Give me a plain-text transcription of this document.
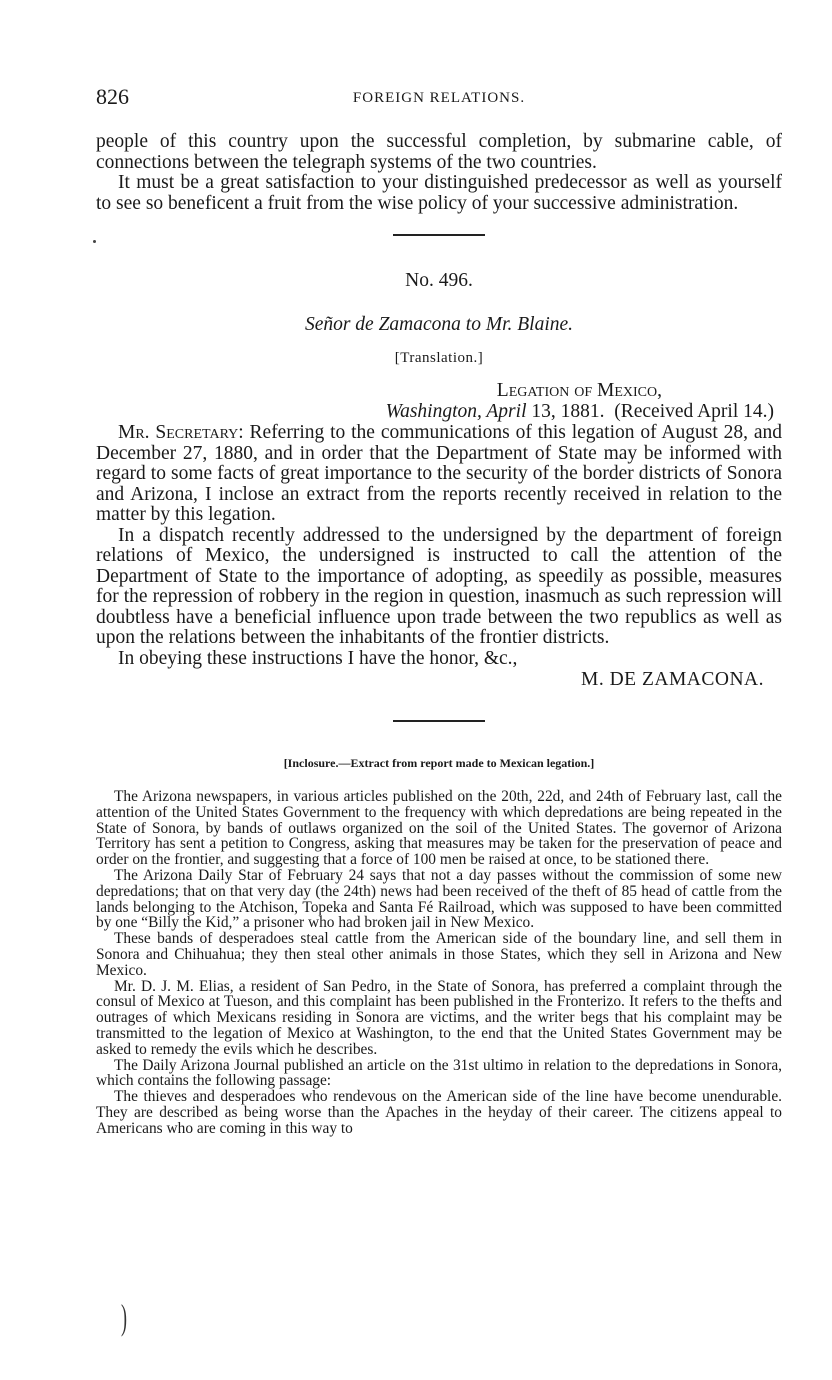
826	FOREIGN RELATIONS.

people of this country upon the successful completion, by submarine cable, of connections between the telegraph systems of the two countries.

It must be a great satisfaction to your distinguished predecessor as well as yourself to see so beneficent a fruit from the wise policy of your successive administration.

No. 496.
Señor de Zamacona to Mr. Blaine.
[Translation.]
Legation of Mexico,
Washington, April 13, 1881. (Received April 14.)

Mr. Secretary: Referring to the communications of this legation of August 28, and December 27, 1880, and in order that the Department of State may be informed with regard to some facts of great importance to the security of the border districts of Sonora and Arizona, I inclose an extract from the reports recently received in relation to the matter by this legation.

In a dispatch recently addressed to the undersigned by the department of foreign relations of Mexico, the undersigned is instructed to call the attention of the Department of State to the importance of adopting, as speedily as possible, measures for the repression of robbery in the region in question, inasmuch as such repression will doubtless have a beneficial influence upon trade between the two republics as well as upon the relations between the inhabitants of the frontier districts.

In obeying these instructions I have the honor, &c.,

M. DE ZAMACONA.
[Inclosure.—Extract from report made to Mexican legation.]

The Arizona newspapers, in various articles published on the 20th, 22d, and 24th of February last, call the attention of the United States Government to the frequency with which depredations are being repeated in the State of Sonora, by bands of outlaws organized on the soil of the United States. The governor of Arizona Territory has sent a petition to Congress, asking that measures may be taken for the preservation of peace and order on the frontier, and suggesting that a force of 100 men be raised at once, to be stationed there.

The Arizona Daily Star of February 24 says that not a day passes without the commission of some new depredations; that on that very day (the 24th) news had been received of the theft of 85 head of cattle from the lands belonging to the Atchison, Topeka and Santa Fé Railroad, which was supposed to have been committed by one “Billy the Kid,” a prisoner who had broken jail in New Mexico.

These bands of desperadoes steal cattle from the American side of the boundary line, and sell them in Sonora and Chihuahua; they then steal other animals in those States, which they sell in Arizona and New Mexico.

Mr. D. J. M. Elias, a resident of San Pedro, in the State of Sonora, has preferred a complaint through the consul of Mexico at Tueson, and this complaint has been published in the Fronterizo. It refers to the thefts and outrages of which Mexicans residing in Sonora are victims, and the writer begs that his complaint may be transmitted to the legation of Mexico at Washington, to the end that the United States Government may be asked to remedy the evils which he describes.

The Daily Arizona Journal published an article on the 31st ultimo in relation to the depredations in Sonora, which contains the following passage:

The thieves and desperadoes who rendevous on the American side of the line have become unendurable. They are described as being worse than the Apaches in the heyday of their career. The citizens appeal to Americans who are coming in this way to

)
